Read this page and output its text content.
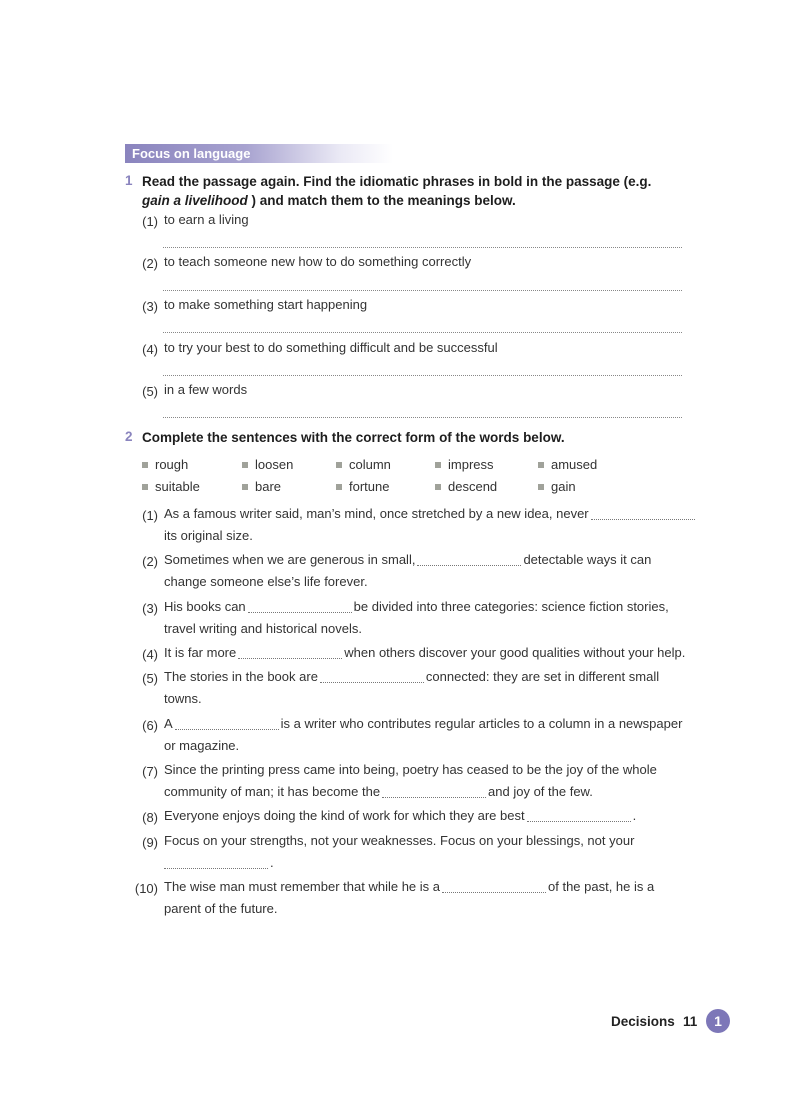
Focus on language
1 Read the passage again. Find the idiomatic phrases in bold in the passage (e.g. gain a livelihood ) and match them to the meanings below.
(1) to earn a living
(2) to teach someone new how to do something correctly
(3) to make something start happening
(4) to try your best to do something difficult and be successful
(5) in a few words
2 Complete the sentences with the correct form of the words below.
rough	loosen	column	impress	amused
suitable	bare	fortune	descend	gain
(1) As a famous writer said, man’s mind, once stretched by a new idea, never
its original size.
(2) Sometimes when we are generous in small,	detectable ways it can
change someone else’s life forever.
(3) His books can	be divided into three categories: science fiction stories,
travel writing and historical novels.
(4) It is far more	when others discover your good qualities without your help.
(5) The stories in the book are	connected: they are set in different small
towns.
(6) A	is a writer who contributes regular articles to a column in a newspaper
or magazine.
(7) Since the printing press came into being, poetry has ceased to be the joy of the whole
community of man; it has become the	and joy of the few.
(8) Everyone enjoys doing the kind of work for which they are best	.
(9) Focus on your strengths, not your weaknesses. Focus on your blessings, not your
.
(10) The wise man must remember that while he is a	of the past, he is a
parent of the future.
Decisions 11	1
